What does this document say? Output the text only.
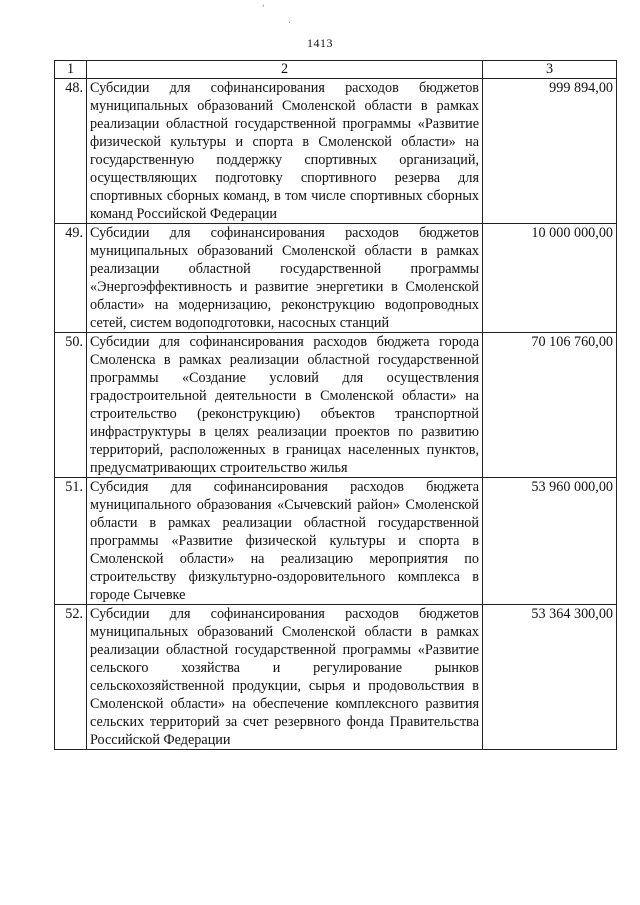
1413
'
.
1	2	3
48.	Субсидии для софинансирования расходов бюджетов муниципальных образований Смоленской области в рамках реализации областной государственной программы «Развитие физической культуры и спорта в Смоленской области» на государственную поддержку спортивных организаций, осуществляющих подготовку спортивного резерва для спортивных сборных команд, в том числе спортивных сборных команд Российской Федерации	999 894,00
49.	Субсидии для софинансирования расходов бюджетов муниципальных образований Смоленской области в рамках реализации областной государственной программы «Энергоэффективность и развитие энергетики в Смоленской области» на модернизацию, реконструкцию водопроводных сетей, систем водоподготовки, насосных станций	10 000 000,00
50.	Субсидии для софинансирования расходов бюджета города Смоленска в рамках реализации областной государственной программы «Создание условий для осуществления градостроительной деятельности в Смоленской области» на строительство (реконструкцию) объектов транспортной инфраструктуры в целях реализации проектов по развитию территорий, расположенных в границах населенных пунктов, предусматривающих строительство жилья	70 106 760,00
51.	Субсидия для софинансирования расходов бюджета муниципального образования «Сычевский район» Смоленской области в рамках реализации областной государственной программы «Развитие физической культуры и спорта в Смоленской области» на реализацию мероприятия по строительству физкультурно-оздоровительного комплекса в городе Сычевке	53 960 000,00
52.	Субсидии для софинансирования расходов бюджетов муниципальных образований Смоленской области в рамках реализации областной государственной программы «Развитие сельского хозяйства и регулирование рынков сельскохозяйственной продукции, сырья и продовольствия в Смоленской области» на обеспечение комплексного развития сельских территорий за счет резервного фонда Правительства Российской Федерации	53 364 300,00
